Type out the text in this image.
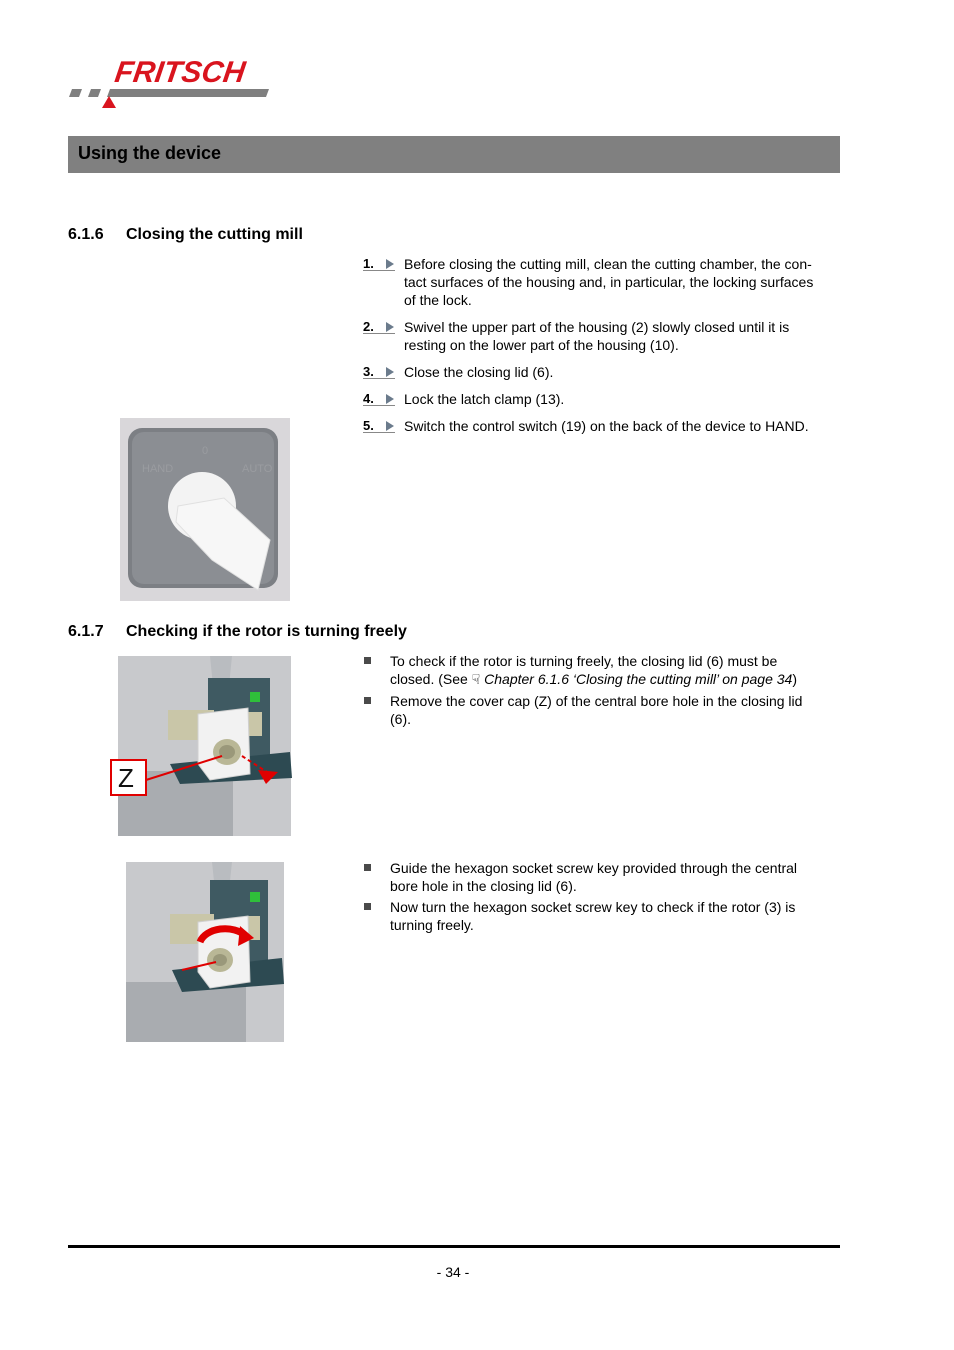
FRITSCH
Using the device
6.1.6 Closing the cutting mill
1. Before closing the cutting mill, clean the cutting chamber, the con-
tact surfaces of the housing and, in particular, the locking surfaces
of the lock.
2. Swivel the upper part of the housing (2) slowly closed until it is
resting on the lower part of the housing (10).
3. Close the closing lid (6).
4. Lock the latch clamp (13).
5. Switch the control switch (19) on the back of the device to HAND.
HAND
0
AUTO
6.1.7 Checking if the rotor is turning freely
To check if the rotor is turning freely, the closing lid (6) must be
closed. (See ☟ Chapter 6.1.6 ‘Closing the cutting mill’ on page 34)
Remove the cover cap (Z) of the central bore hole in the closing lid
(6).
Z
Guide the hexagon socket screw key provided through the central
bore hole in the closing lid (6).
Now turn the hexagon socket screw key to check if the rotor (3) is
turning freely.
- 34 -
